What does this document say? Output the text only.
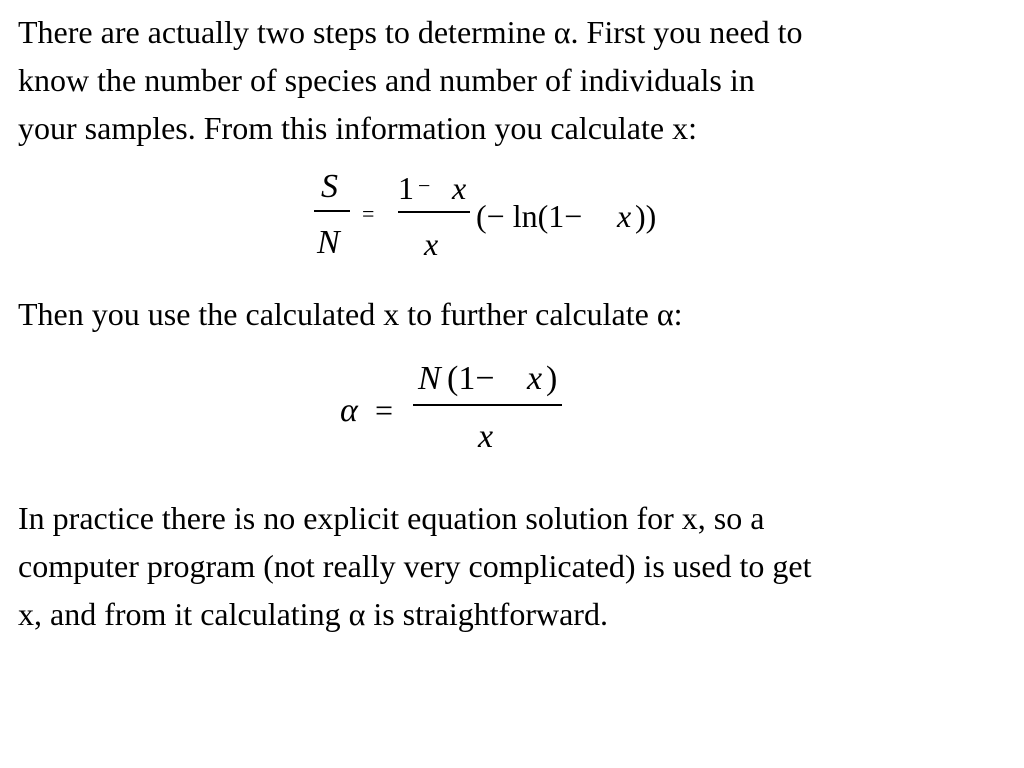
There are actually two steps to determine α. First you need to
know the number of species and number of individuals in
your samples. From this information you calculate x:
S
N
=
1 − x
x
(− ln(1− x ))
Then you use the calculated x to further calculate α:
α =
N (1− x )
x
In practice there is no explicit equation solution for x, so a
computer program (not really very complicated) is used to get
x, and from it calculating α is straightforward.
